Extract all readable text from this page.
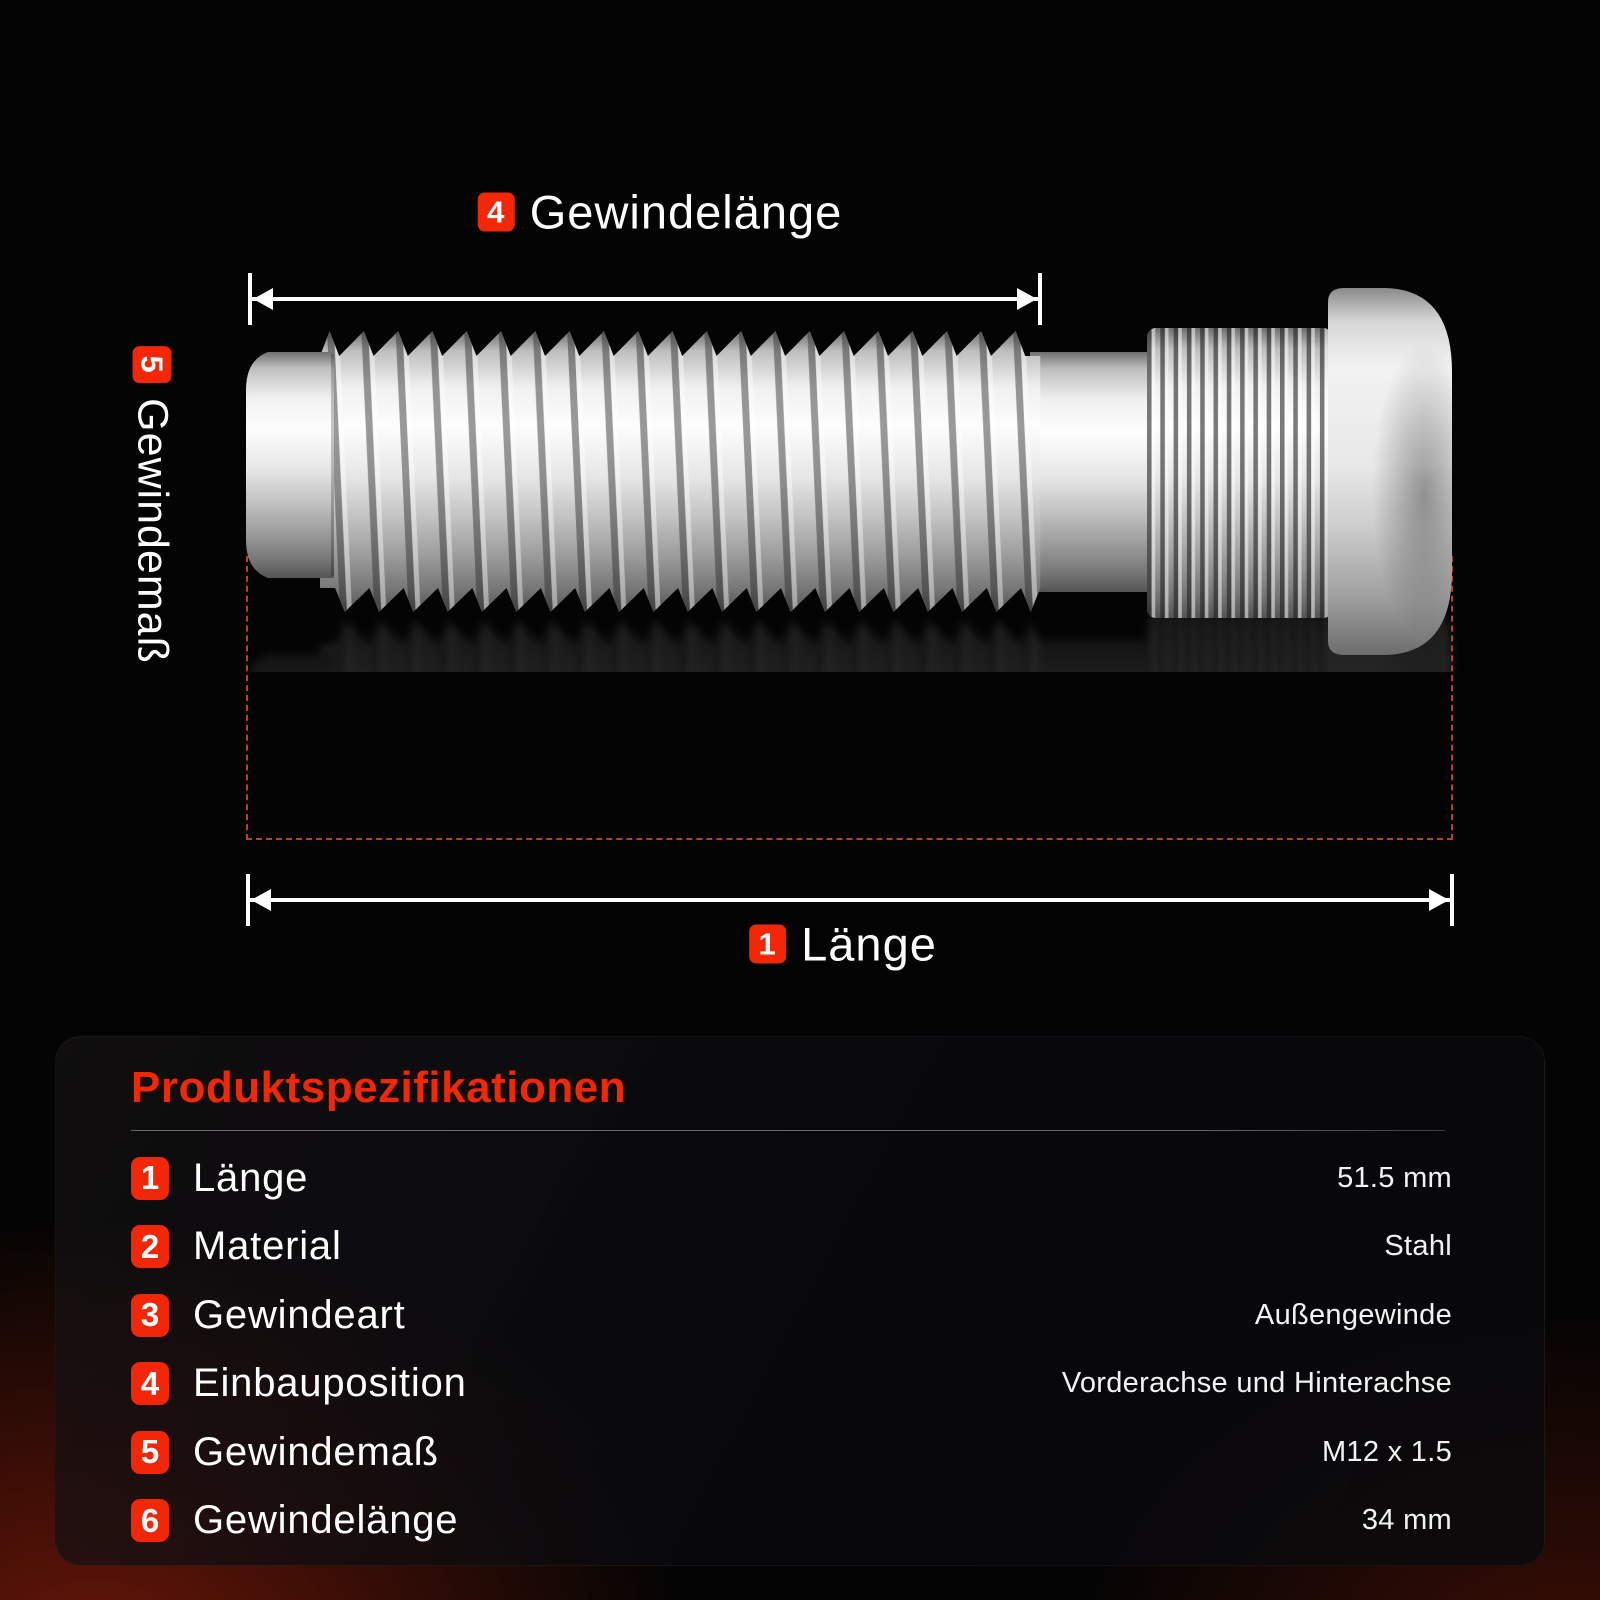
4 Gewindelänge
5
Gewindemaß
1 Länge
Produktspezifikationen
1 Länge	51.5 mm
2 Material	Stahl
3 Gewindeart	Außengewinde
4 Einbauposition	Vorderachse und Hinterachse
5 Gewindemaß	M12 x 1.5
6 Gewindelänge	34 mm
